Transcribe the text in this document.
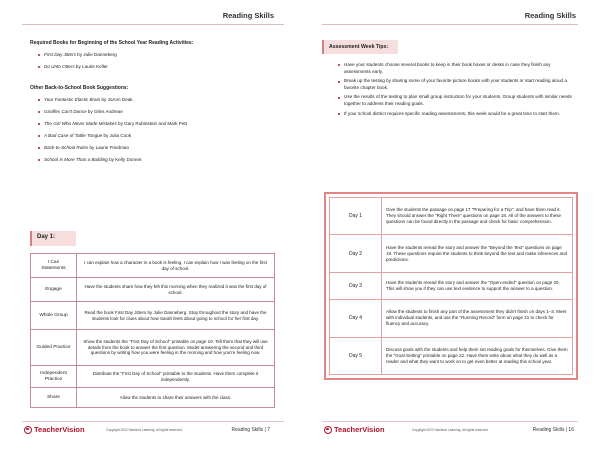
Reading Skills
Required Books for Beginning of the School Year Reading Activities:
First Day Jitters by Julie Danneberg
Do Unto Otters by Laurie Keller
Other Back-to-School Book Suggestions:
Your Fantastic Elastic Brain by JoAnn Deak
Giraffes Can't Dance by Giles Andreae
The Girl Who Never Made Mistakes by Gary Rubinstein and Mark Pett
A Bad Case of Tattle Tongue by Julia Cook
Back-to-School Rules by Laurie Friedman
School Is More Than a Building by Kelly Donner.
Day 1:
I Can Statements	I can explain how a character in a book is feeling. I can explain how I was feeling on the first day of school.
Engage	Have the students share how they felt this morning when they realized it was the first day of school.
Whole Group	Read the book First Day Jitters by Julie Danneberg. Stop throughout the story and have the students look for clues about how Sarah feels about going to school for her first day.
Guided Practice	Show the students the "First Day of School" printable on page 10. Tell them that they will use details from the book to answer the first question. Model answering the second and third questions by writing how you were feeling in the morning and how you're feeling now.
Independent Practice	Distribute the "First Day of School" printable to the students. Have them complete it independently.
Share	Allow the students to share their answers with the class.
TeacherVision	Copyright 2022 Sandbox Learning. All rights reserved.	Reading Skills | 7
Reading Skills
TeacherVision	Copyright 2022 Sandbox Learning. All rights reserved.	Reading Skills | 16
Assessment Week Tips:
Have your students choose several books to keep in their book boxes or desks in case they finish any assessments early.
Break up the testing by sharing some of your favorite picture books with your students or start reading aloud a favorite chapter book.
Use the results of the testing to plan small group instruction for your students. Group students with similar needs together to address their reading goals.
If your school district requires specific reading assessments, this week would be a great time to start them.
Day 1	Give the students the passage on page 17 "Preparing for a Trip", and have them read it. They should answer the "Right There" questions on page 18. All of the answers to these questions can be found directly in the passage and check for basic comprehension.
Day 2	Have the students reread the story and answer the "Beyond the Text" questions on page 19. These questions require the students to think beyond the text and make inferences and predictions.
Day 3	Have the students reread the story and answer the "Open-ended" question on page 20. This will show you if they can use text evidence to support the answer to a question.
Day 4	Allow the students to finish any part of the assessment they didn't finish on days 1–3. Meet with individual students, and use the "Running Record" form on page 21 to check for fluency and accuracy.
Day 5	Discuss goals with the students and help them set reading goals for themselves. Give them the "Goal-Setting" printable on page 22. Have them write about what they do well as a reader and what they want to work on to get even better at reading this school year.
